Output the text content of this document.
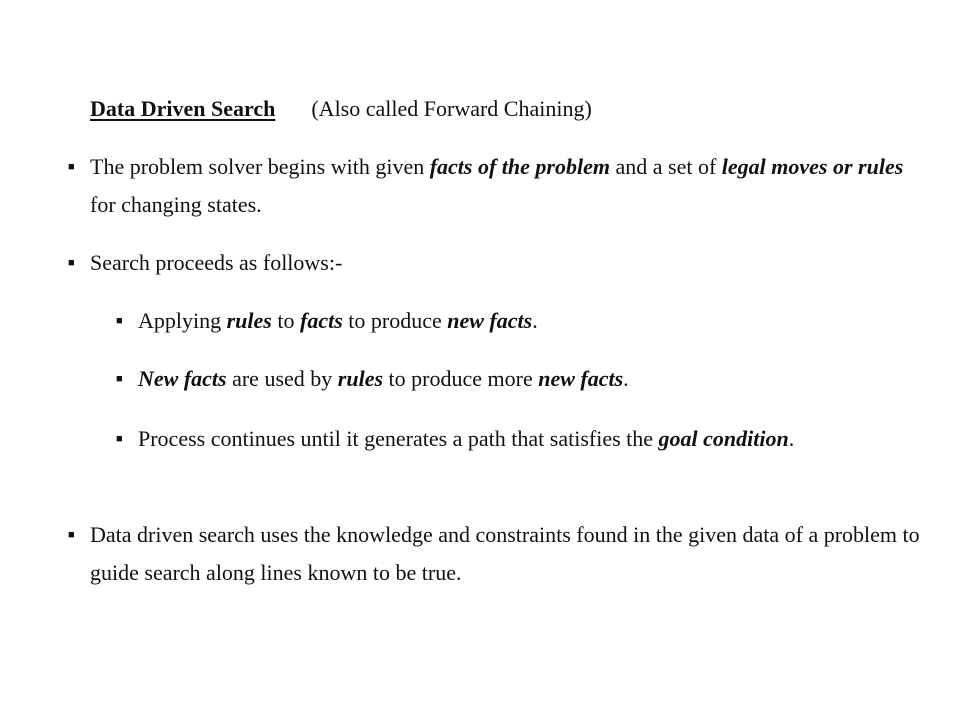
Data Driven Search (Also called Forward Chaining)
■ The problem solver begins with given facts of the problem and a set of legal moves or rules for changing states.
■ Search proceeds as follows:-
■ Applying rules to facts to produce new facts.
■ New facts are used by rules to produce more new facts.
■ Process continues until it generates a path that satisfies the goal condition.
■ Data driven search uses the knowledge and constraints found in the given data of a problem to guide search along lines known to be true.
